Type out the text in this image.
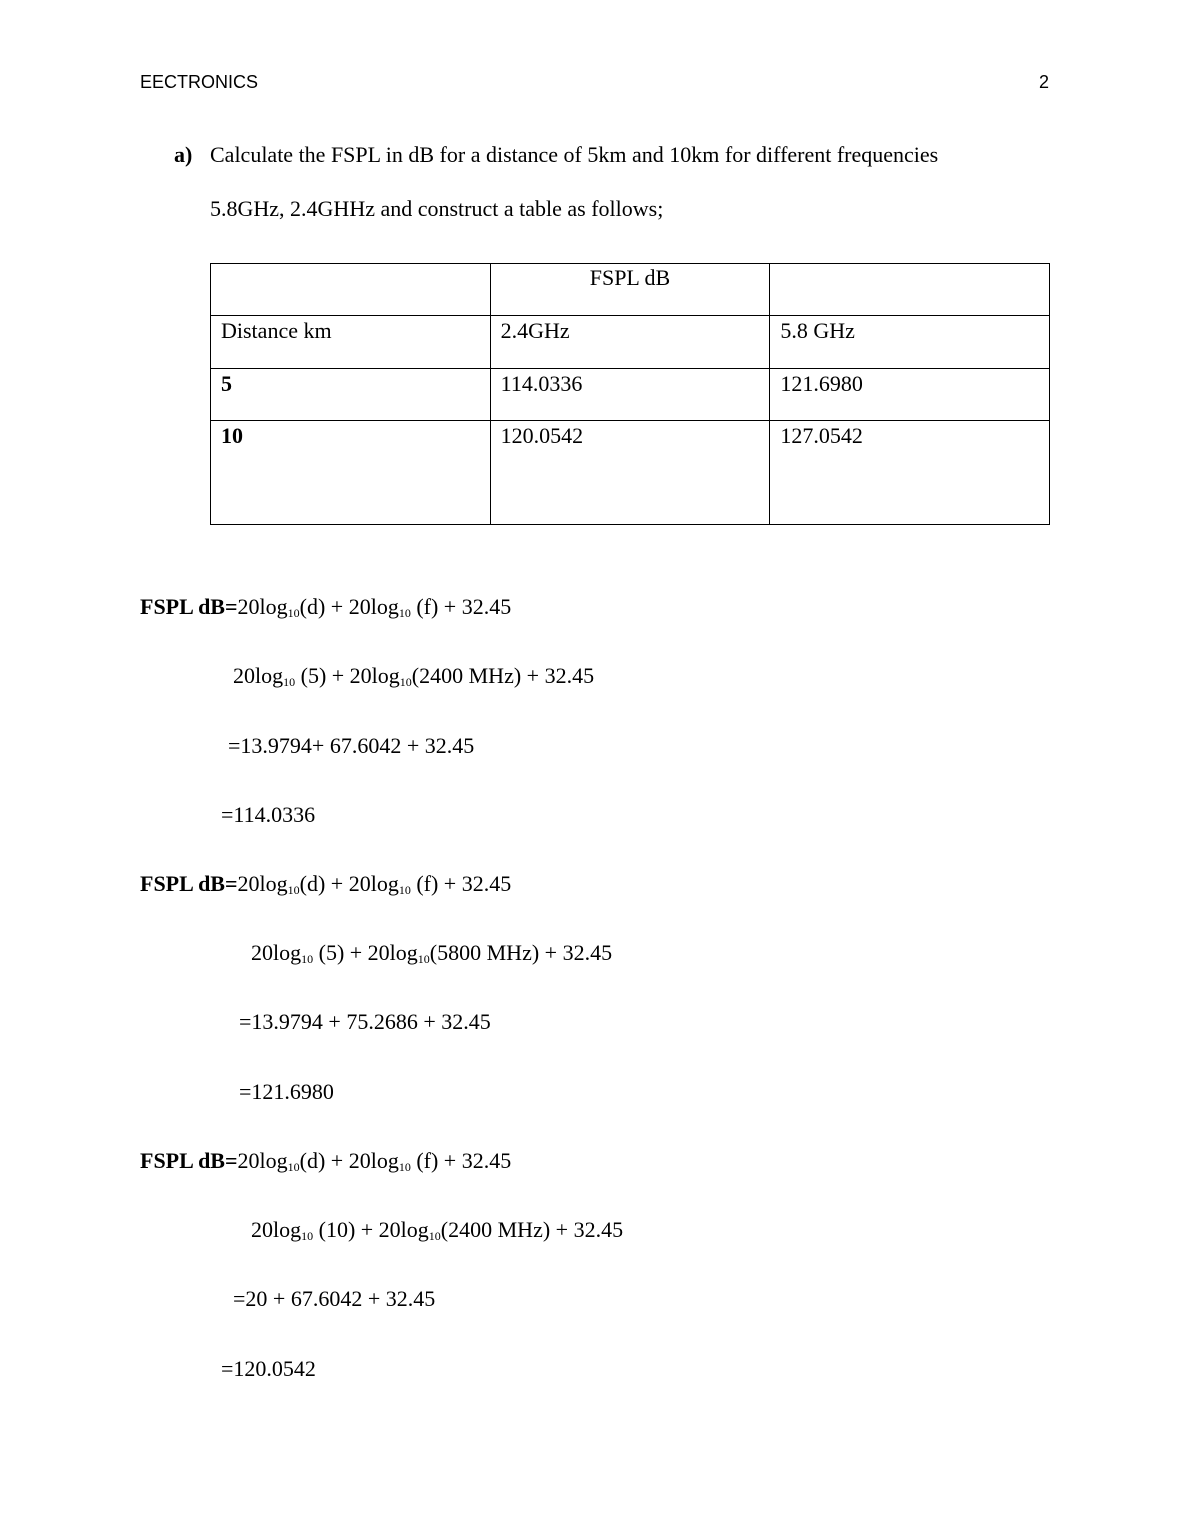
EECTRONICS	2
a) Calculate the FSPL in dB for a distance of 5km and 10km for different frequencies
5.8GHz, 2.4GHHz and construct a table as follows;
	FSPL dB	
Distance km	2.4GHz	5.8 GHz
5	114.0336	121.6980
10	120.0542	127.0542
FSPL $dB=20\log_{10}(d) + 20\log_{10}$ (f) + 32.45
$20\log_{10}$ $(5) + 20\log_{10}(2400$ MHz) + 32.45
=13.9794+ 67.6042 + 32.45
=114.0336
FSPL $dB=20\log_{10}(d) + 20\log_{10}$ (f) + 32.45
$20\log_{10}$ $(5) + 20\log_{10}(5800$ MHz) + 32.45
=13.9794 + 75.2686 + 32.45
=121.6980
FSPL $dB=20\log_{10}(d) + 20\log_{10}$ (f) + 32.45
$20\log_{10}$ $(10) + 20\log_{10}(2400$ MHz) + 32.45
=20 + 67.6042 + 32.45
=120.0542
